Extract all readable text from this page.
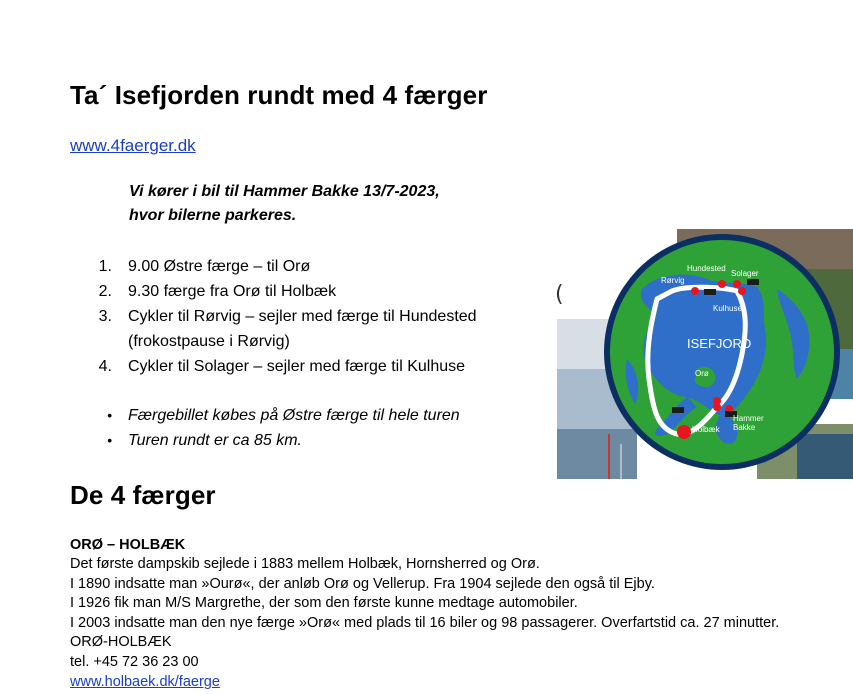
Ta´ Isefjorden rundt med 4 færger
www.4faerger.dk
Vi kører i bil til Hammer Bakke 13/7-2023,
hvor bilerne parkeres.
1. 9.00 Østre færge – til Orø
2. 9.30 færge fra Orø til Holbæk
3. Cykler til Rørvig – sejler med færge til Hundested
(frokostpause i Rørvig)
4. Cykler til Solager – sejler med færge til Kulhuse
• Færgebillet købes på Østre færge til hele turen
• Turen rundt er ca 85 km.
(
Rørvig
Hundested
Solager
Kulhuse
ISEFJORD
Orø
Holbæk
Hammer
Bakke
De 4 færger
ORØ – HOLBÆK
Det første dampskib sejlede i 1883 mellem Holbæk, Hornsherred og Orø.
I 1890 indsatte man »Ourø«, der anløb Orø og Vellerup. Fra 1904 sejlede den også til Ejby.
I 1926 fik man M/S Margrethe, der som den første kunne medtage automobiler.
I 2003 indsatte man den nye færge »Orø« med plads til 16 biler og 98 passagerer. Overfartstid ca. 27 minutter.
ORØ-HOLBÆK
tel. +45 72 36 23 00
www.holbaek.dk/faerge
